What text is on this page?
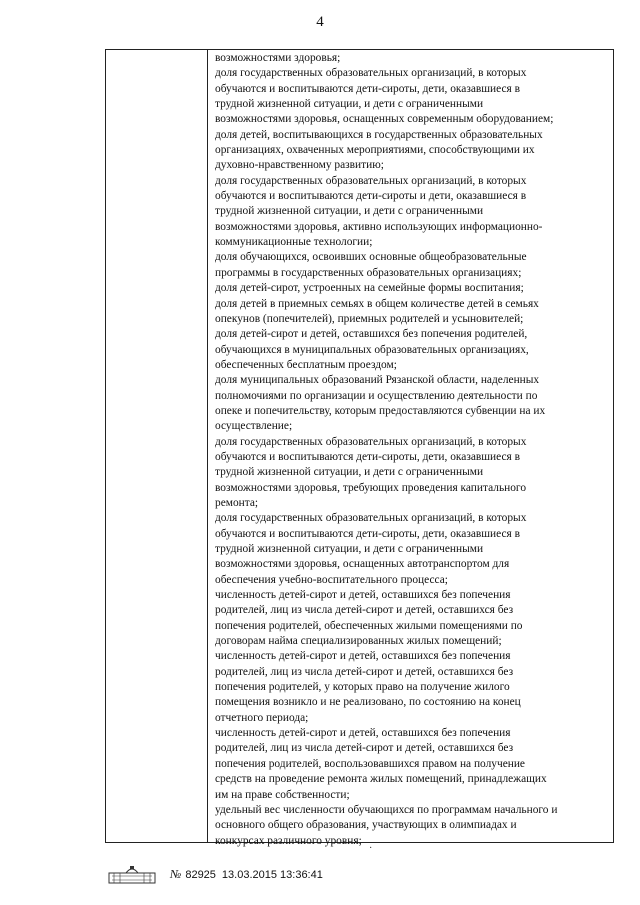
4
возможностями здоровья;
доля государственных образовательных организаций, в которых
обучаются и воспитываются дети-сироты, дети, оказавшиеся в
трудной жизненной ситуации, и дети с ограниченными
возможностями здоровья, оснащенных современным оборудованием;
доля детей, воспитывающихся в государственных образовательных
организациях, охваченных мероприятиями, способствующими их
духовно-нравственному развитию;
доля государственных образовательных организаций, в которых
обучаются и воспитываются дети-сироты и дети, оказавшиеся в
трудной жизненной ситуации, и дети с ограниченными
возможностями здоровья, активно использующих информационно-
коммуникационные технологии;
доля обучающихся, освоивших основные общеобразовательные
программы в государственных образовательных организациях;
доля детей-сирот, устроенных на семейные формы воспитания;
доля детей в приемных семьях в общем количестве детей в семьях
опекунов (попечителей), приемных родителей и усыновителей;
доля детей-сирот и детей, оставшихся без попечения родителей,
обучающихся в муниципальных образовательных организациях,
обеспеченных бесплатным проездом;
доля муниципальных образований Рязанской области, наделенных
полномочиями по организации и осуществлению деятельности по
опеке и попечительству, которым предоставляются субвенции на их
осуществление;
доля государственных образовательных организаций, в которых
обучаются и воспитываются дети-сироты, дети, оказавшиеся в
трудной жизненной ситуации, и дети с ограниченными
возможностями здоровья, требующих проведения капитального
ремонта;
доля государственных образовательных организаций, в которых
обучаются и воспитываются дети-сироты, дети, оказавшиеся в
трудной жизненной ситуации, и дети с ограниченными
возможностями здоровья, оснащенных автотранспортом для
обеспечения учебно-воспитательного процесса;
численность детей-сирот и детей, оставшихся без попечения
родителей, лиц из числа детей-сирот и детей, оставшихся без
попечения родителей, обеспеченных жилыми помещениями по
договорам найма специализированных жилых помещений;
численность детей-сирот и детей, оставшихся без попечения
родителей, лиц из числа детей-сирот и детей, оставшихся без
попечения родителей, у которых право на получение жилого
помещения возникло и не реализовано, по состоянию на конец
отчетного периода;
численность детей-сирот и детей, оставшихся без попечения
родителей, лиц из числа детей-сирот и детей, оставшихся без
попечения родителей, воспользовавшихся правом на получение
средств на проведение ремонта жилых помещений, принадлежащих
им на праве собственности;
удельный вес численности обучающихся по программам начального и
основного общего образования, участвующих в олимпиадах и
конкурсах различного уровня;
·
№ 82925 13.03.2015 13:36:41
